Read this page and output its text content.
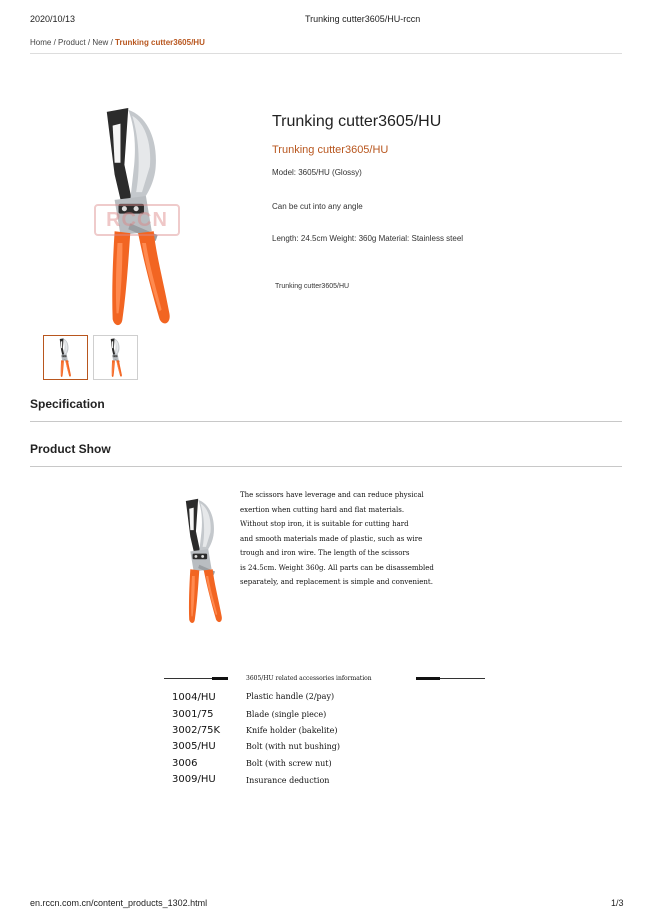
2020/10/13	Trunking cutter3605/HU-rccn
Home / Product / New / Trunking cutter3605/HU
RCCN
Trunking cutter3605/HU
Trunking cutter3605/HU
Model: 3605/HU (Glossy)
Can be cut into any angle
Length: 24.5cm Weight: 360g Material: Stainless steel
Trunking cutter3605/HU
Specification
Product Show
The scissors have leverage and can reduce physical
exertion when cutting hard and flat materials.
Without stop iron, it is suitable for cutting hard
and smooth materials made of plastic, such as wire
trough and iron wire. The length of the scissors
is 24.5cm. Weight 360g. All parts can be disassembled
separately, and replacement is simple and convenient.
3605/HU related accessories information
1004/HU	Plastic handle (2/pay)
3001/75	Blade (single piece)
3002/75K	Knife holder (bakelite)
3005/HU	Bolt (with nut bushing)
3006	Bolt (with screw nut)
3009/HU	Insurance deduction
en.rccn.com.cn/content_products_1302.html	1/3
